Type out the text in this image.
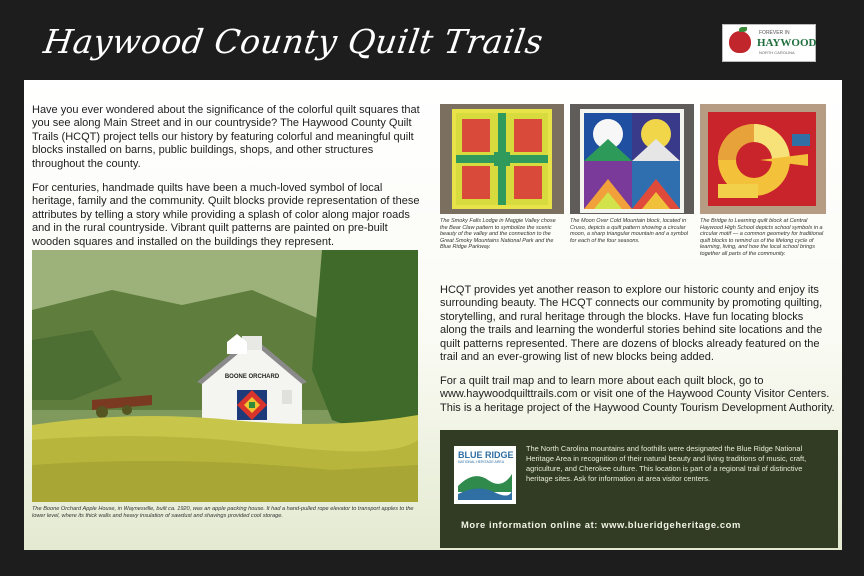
Haywood County Quilt Trails	FOREVER IN
HAYWOOD
NORTH CAROLINA

Have you ever wondered about the significance of the colorful quilt squares that you see along Main Street and in our countryside? The Haywood County Quilt Trails (HCQT) project tells our history by featuring colorful and meaningful quilt blocks installed on barns, public buildings, shops, and other structures throughout the county.

For centuries, handmade quilts have been a much-loved symbol of local heritage, family and the community. Quilt blocks provide representation of these attributes by telling a story while providing a splash of color along major roads and in the rural countryside. Vibrant quilt patterns are painted on pre-built wooden squares and installed on the buildings they represent.

BOONE ORCHARD
The Boone Orchard Apple House, in Waynesville, built ca. 1920, was an apple packing house. It had a hand-pulled rope elevator to transport apples to the lower level, where its thick walls and heavy insulation of sawdust and shavings provided cool storage.
The Smoky Falls Lodge in Maggie Valley chose the Bear Claw pattern to symbolize the scenic beauty of the valley and the connection to the Great Smoky Mountains National Park and the Blue Ridge Parkway.
The Moon Over Cold Mountain block, located in Cruso, depicts a quilt pattern showing a circular moon, a sharp triangular mountain and a symbol for each of the four seasons.
The Bridge to Learning quilt block at Central Haywood High School depicts school symbols in a circular motif — a common geometry for traditional quilt blocks to remind us of the lifelong cycle of learning, living, and how the local school brings together all parts of the community.

HCQT provides yet another reason to explore our historic county and enjoy its surrounding beauty. The HCQT connects our community by promoting quilting, storytelling, and rural heritage through the blocks. Have fun locating blocks along the trails and learning the wonderful stories behind site locations and the quilt patterns represented. There are dozens of blocks already featured on the trail and an ever-growing list of new blocks being added.

For a quilt trail map and to learn more about each quilt block, go to www.haywoodquilttrails.com or visit one of the Haywood County Visitor Centers. This is a heritage project of the Haywood County Tourism Development Authority.

BLUE RIDGE
NATIONAL HERITAGE AREA
The North Carolina mountains and foothills were designated the Blue Ridge National Heritage Area in recognition of their natural beauty and living traditions of music, craft, agriculture, and Cherokee culture. This location is part of a regional trail of distinctive heritage sites. Ask for information at area visitor centers.
More information online at: www.blueridgeheritage.com
